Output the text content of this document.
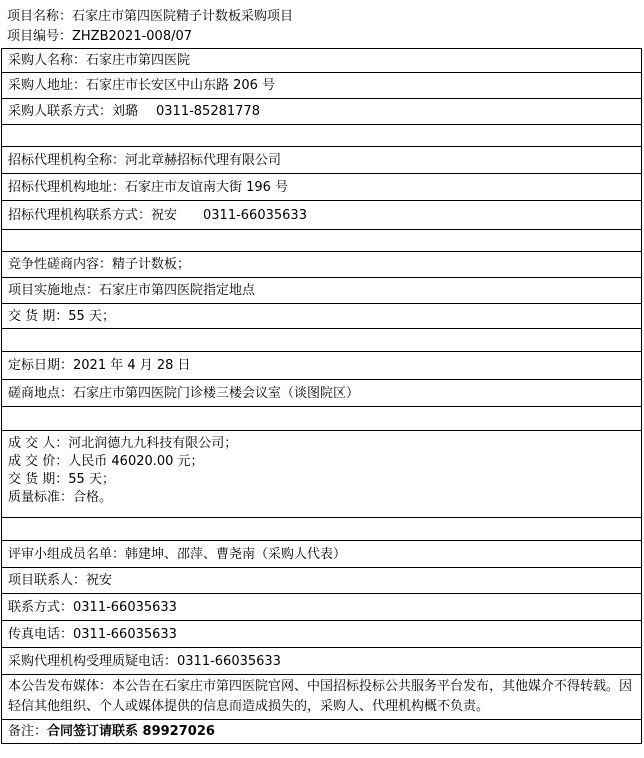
项目名称：石家庄市第四医院精子计数板采购项目
项目编号：ZHZB2021-008/07
采购人名称：石家庄市第四医院
采购人地址：石家庄市长安区中山东路 206 号
采购人联系方式：刘璐 0311-85281778

招标代理机构全称：河北章赫招标代理有限公司
招标代理机构地址：石家庄市友谊南大街 196 号
招标代理机构联系方式：祝安 0311-66035633

竞争性磋商内容：精子计数板；
项目实施地点：石家庄市第四医院指定地点
交 货 期：55 天；

定标日期：2021 年 4 月 28 日
磋商地点：石家庄市第四医院门诊楼三楼会议室（谈图院区）

成 交 人：河北润德九九科技有限公司；
成 交 价：人民币 46020.00 元；
交 货 期：55 天；
质量标准：合格。

评审小组成员名单：韩建坤、邵萍、曹尧南（采购人代表）
项目联系人：祝安
联系方式：0311-66035633
传真电话：0311-66035633
采购代理机构受理质疑电话：0311-66035633
本公告发布媒体：本公告在石家庄市第四医院官网、中国招标投标公共服务平台发布，其他媒介不得转载。因轻信其他组织、个人或媒体提供的信息而造成损失的，采购人、代理机构概不负责。
备注：合同签订请联系 89927026
